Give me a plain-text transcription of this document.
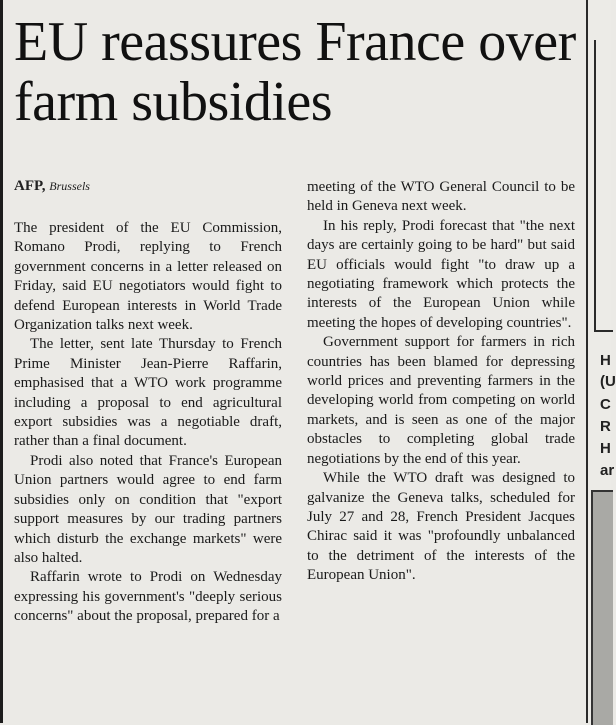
EU reassures France over farm subsidies
AFP, Brussels

The president of the EU Commission, Romano Prodi, replying to French government concerns in a letter released on Friday, said EU negotiators would fight to defend European interests in World Trade Organization talks next week.

The letter, sent late Thursday to French Prime Minister Jean-Pierre Raffarin, emphasised that a WTO work programme including a proposal to end agricultural export subsidies was a negotiable draft, rather than a final document.

Prodi also noted that France's European Union partners would agree to end farm subsidies only on condition that "export support measures by our trading partners which disturb the exchange markets" were also halted.

Raffarin wrote to Prodi on Wednesday expressing his government's "deeply serious concerns" about the proposal, prepared for a

meeting of the WTO General Council to be held in Geneva next week.

In his reply, Prodi forecast that "the next days are certainly going to be hard" but said EU officials would fight "to draw up a negotiating framework which protects the interests of the European Union while meeting the hopes of developing countries".

Government support for farmers in rich countries has been blamed for depressing world prices and preventing farmers in the developing world from competing on world markets, and is seen as one of the major obstacles to completing global trade negotiations by the end of this year.

While the WTO draft was designed to galvanize the Geneva talks, scheduled for July 27 and 28, French President Jacques Chirac said it was "profoundly unbalanced to the detriment of the interests of the European Union".

H
(U
C
R
H
ar
